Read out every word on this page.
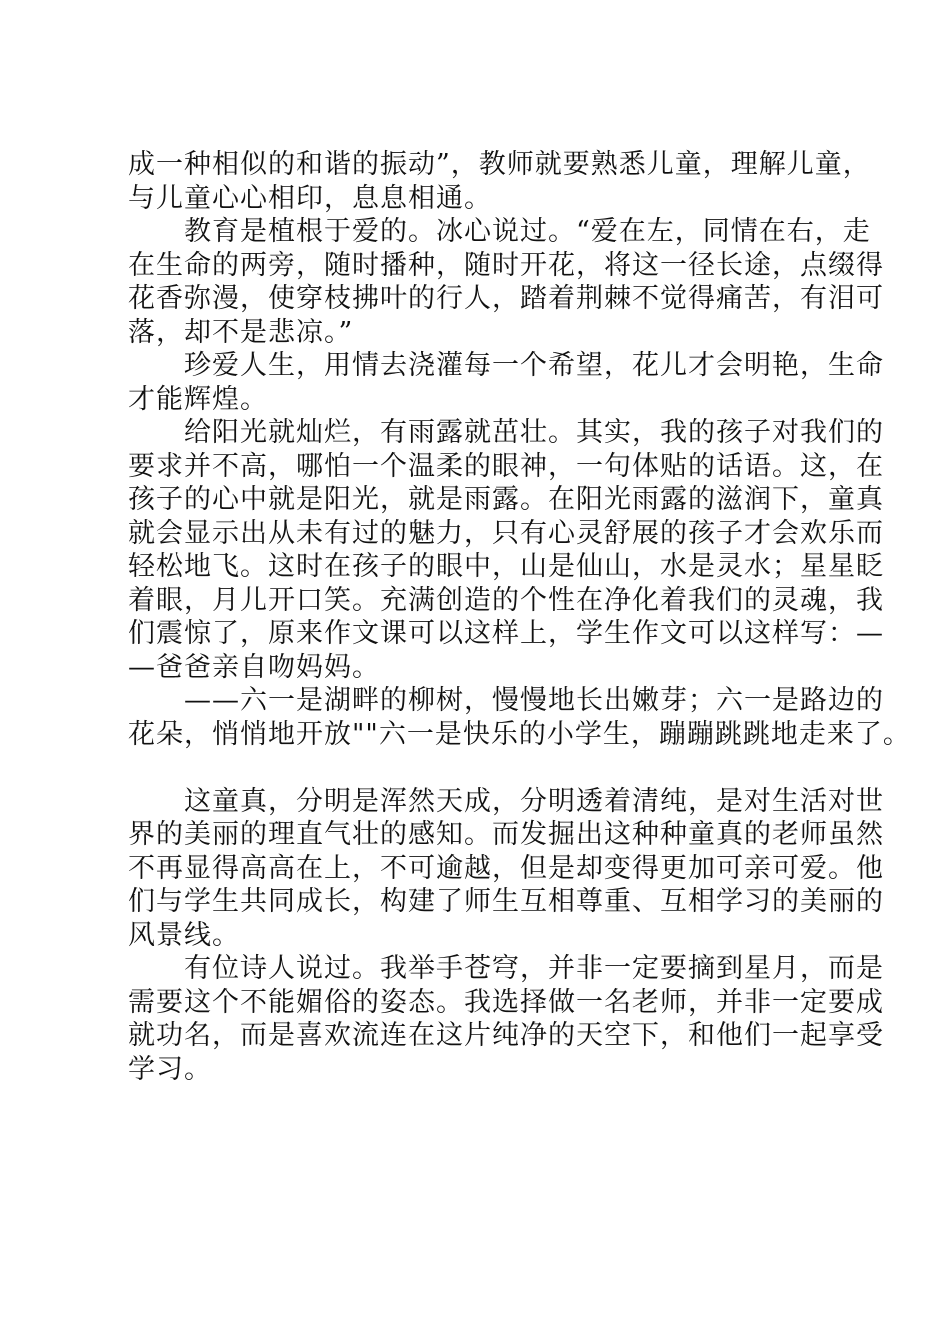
成一种相似的和谐的振动”，教师就要熟悉儿童，理解儿童，
与儿童心心相印，息息相通。
教育是植根于爱的。冰心说过。“爱在左，同情在右，走
在生命的两旁，随时播种，随时开花，将这一径长途，点缀得
花香弥漫，使穿枝拂叶的行人，踏着荆棘不觉得痛苦，有泪可
落，却不是悲凉。”
珍爱人生，用情去浇灌每一个希望，花儿才会明艳，生命
才能辉煌。
给阳光就灿烂，有雨露就茁壮。其实，我的孩子对我们的
要求并不高，哪怕一个温柔的眼神，一句体贴的话语。这，在
孩子的心中就是阳光，就是雨露。在阳光雨露的滋润下，童真
就会显示出从未有过的魅力，只有心灵舒展的孩子才会欢乐而
轻松地飞。这时在孩子的眼中，山是仙山，水是灵水；星星眨
着眼，月儿开口笑。充满创造的个性在净化着我们的灵魂，我
们震惊了，原来作文课可以这样上，学生作文可以这样写：—
—爸爸亲自吻妈妈。
——六一是湖畔的柳树，慢慢地长出嫩芽；六一是路边的
花朵，悄悄地开放""六一是快乐的小学生，蹦蹦跳跳地走来了。
这童真，分明是浑然天成，分明透着清纯，是对生活对世
界的美丽的理直气壮的感知。而发掘出这种种童真的老师虽然
不再显得高高在上，不可逾越，但是却变得更加可亲可爱。他
们与学生共同成长，构建了师生互相尊重、互相学习的美丽的
风景线。
有位诗人说过。我举手苍穹，并非一定要摘到星月，而是
需要这个不能媚俗的姿态。我选择做一名老师，并非一定要成
就功名，而是喜欢流连在这片纯净的天空下，和他们一起享受
学习。
